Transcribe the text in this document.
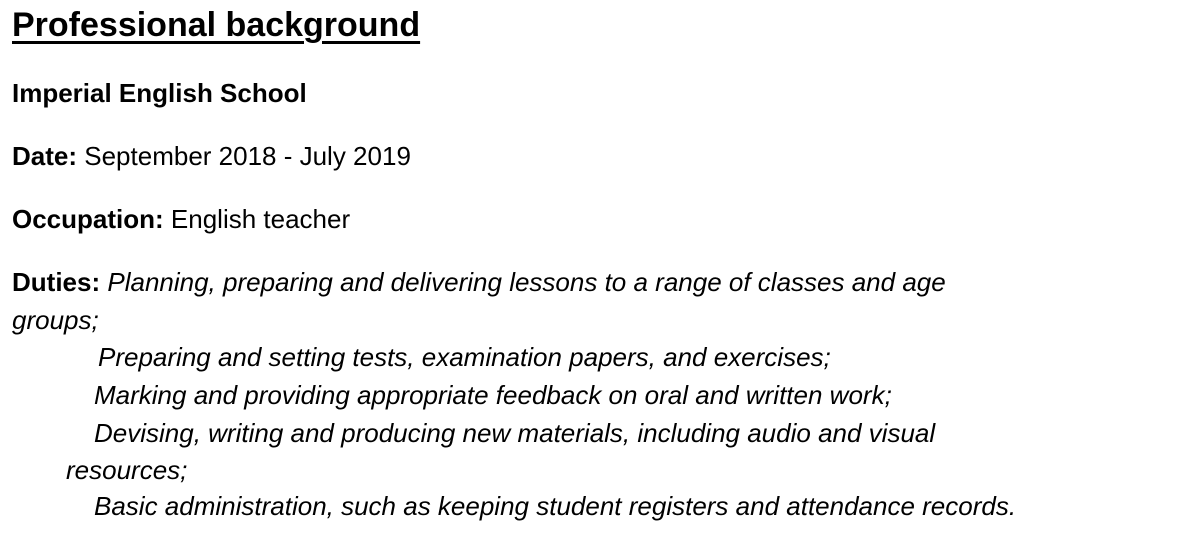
Professional background
Imperial English School
Date: September 2018 - July 2019
Occupation: English teacher
Duties: Planning, preparing and delivering lessons to a range of classes and age
groups;
Preparing and setting tests, examination papers, and exercises;
Marking and providing appropriate feedback on oral and written work;
Devising, writing and producing new materials, including audio and visual
resources;
Basic administration, such as keeping student registers and attendance records.
